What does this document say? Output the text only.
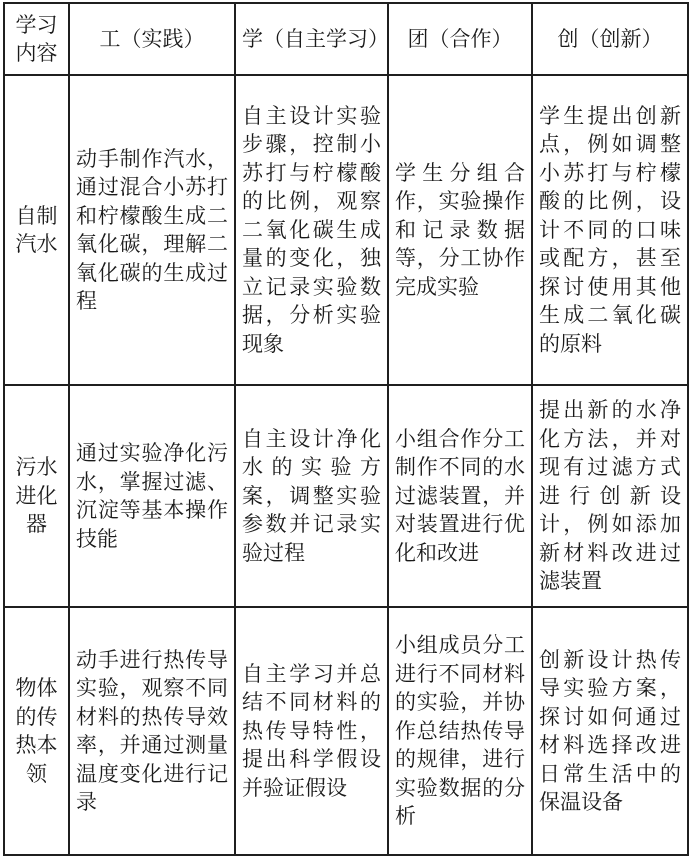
学习内容	工（实践）	学（自主学习）	团（合作）	创（创新）
自制汽水	动手制作汽水，通过混合小苏打和柠檬酸生成二氧化碳，理解二氧化碳的生成过程	自主设计实验步骤，控制小苏打与柠檬酸的比例，观察二氧化碳生成量的变化，独立记录实验数据，分析实验现象	学生分组合作，实验操作和记录数据等，分工协作完成实验	学生提出创新点，例如调整小苏打与柠檬酸的比例，设计不同的口味或配方，甚至探讨使用其他生成二氧化碳的原料
污水进化器	通过实验净化污水，掌握过滤、沉淀等基本操作技能	自主设计净化水的实验方案，调整实验参数并记录实验过程	小组合作分工制作不同的水过滤装置，并对装置进行优化和改进	提出新的水净化方法，并对现有过滤方式进行创新设计，例如添加新材料改进过滤装置
物体的传热本领	动手进行热传导实验，观察不同材料的热传导效率，并通过测量温度变化进行记录	自主学习并总结不同材料的热传导特性，提出科学假设并验证假设	小组成员分工进行不同材料的实验，并协作总结热传导的规律，进行实验数据的分析	创新设计热传导实验方案，探讨如何通过材料选择改进日常生活中的保温设备
